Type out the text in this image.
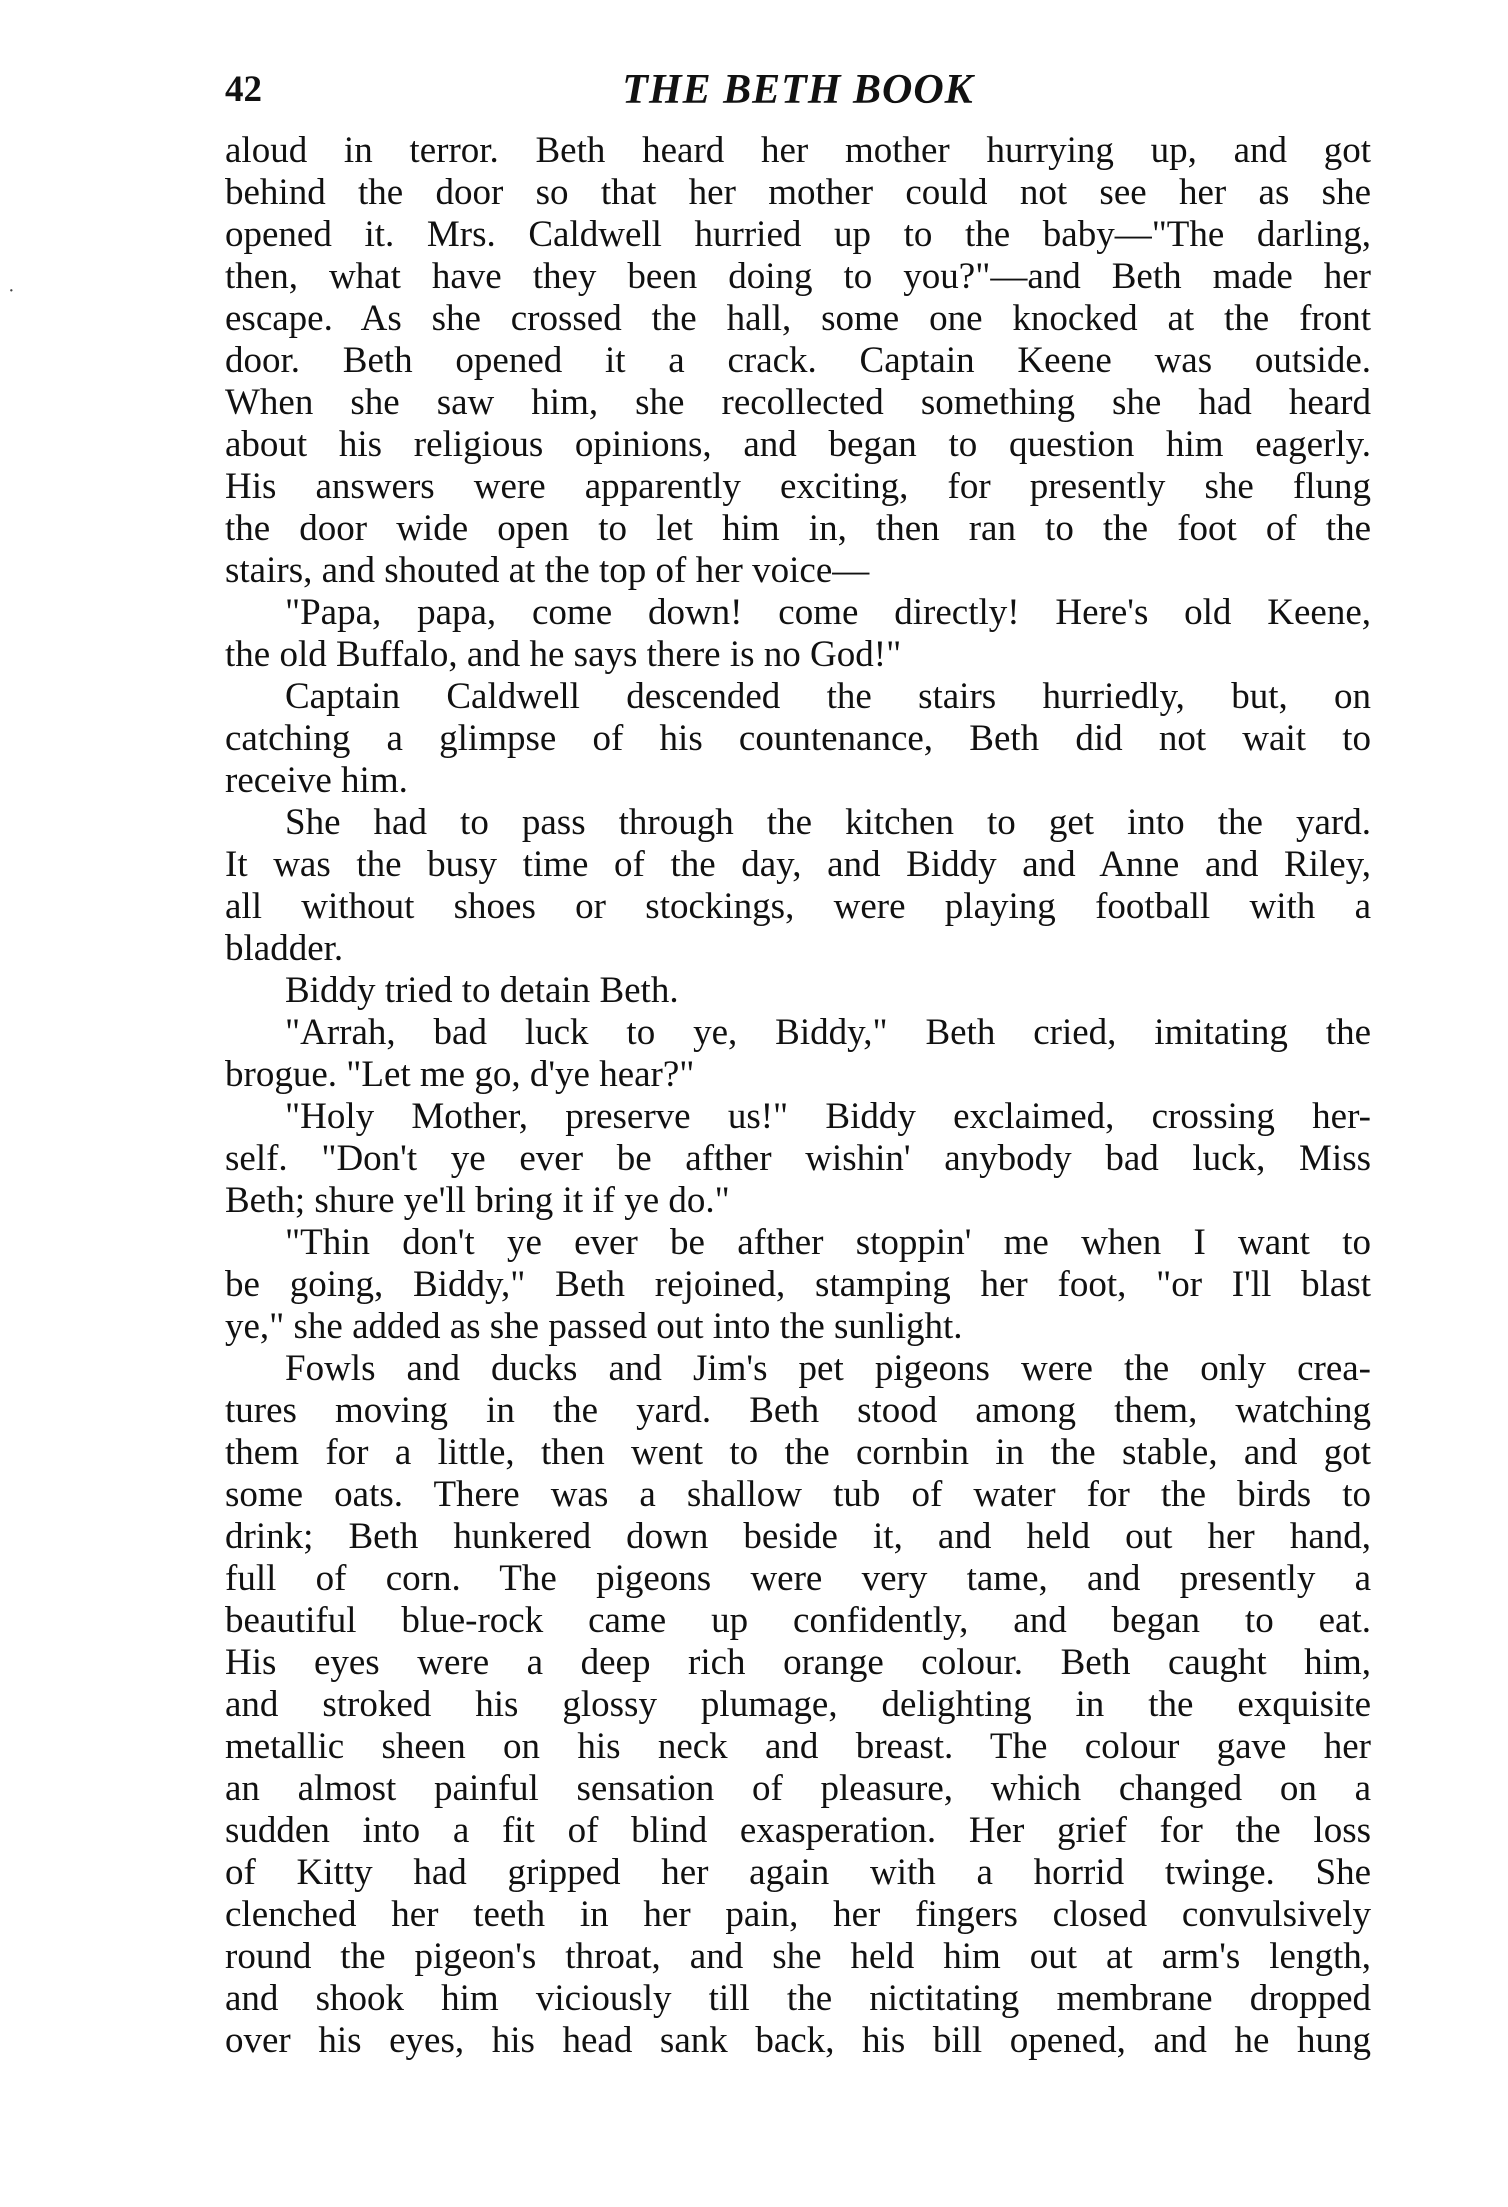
·
42	THE BETH BOOK
aloud in terror. Beth heard her mother hurrying up, and got
behind the door so that her mother could not see her as she
opened it. Mrs. Caldwell hurried up to the baby—"The darling,
then, what have they been doing to you?"—and Beth made her
escape. As she crossed the hall, some one knocked at the front
door. Beth opened it a crack. Captain Keene was outside.
When she saw him, she recollected something she had heard
about his religious opinions, and began to question him eagerly.
His answers were apparently exciting, for presently she flung
the door wide open to let him in, then ran to the foot of the
stairs, and shouted at the top of her voice—
"Papa, papa, come down! come directly! Here's old Keene,
the old Buffalo, and he says there is no God!"
Captain Caldwell descended the stairs hurriedly, but, on
catching a glimpse of his countenance, Beth did not wait to
receive him.
She had to pass through the kitchen to get into the yard.
It was the busy time of the day, and Biddy and Anne and Riley,
all without shoes or stockings, were playing football with a
bladder.
Biddy tried to detain Beth.
"Arrah, bad luck to ye, Biddy," Beth cried, imitating the
brogue. "Let me go, d'ye hear?"
"Holy Mother, preserve us!" Biddy exclaimed, crossing her-
self. "Don't ye ever be afther wishin' anybody bad luck, Miss
Beth; shure ye'll bring it if ye do."
"Thin don't ye ever be afther stoppin' me when I want to
be going, Biddy," Beth rejoined, stamping her foot, "or I'll blast
ye," she added as she passed out into the sunlight.
Fowls and ducks and Jim's pet pigeons were the only crea-
tures moving in the yard. Beth stood among them, watching
them for a little, then went to the cornbin in the stable, and got
some oats. There was a shallow tub of water for the birds to
drink; Beth hunkered down beside it, and held out her hand,
full of corn. The pigeons were very tame, and presently a
beautiful blue-rock came up confidently, and began to eat.
His eyes were a deep rich orange colour. Beth caught him,
and stroked his glossy plumage, delighting in the exquisite
metallic sheen on his neck and breast. The colour gave her
an almost painful sensation of pleasure, which changed on a
sudden into a fit of blind exasperation. Her grief for the loss
of Kitty had gripped her again with a horrid twinge. She
clenched her teeth in her pain, her fingers closed convulsively
round the pigeon's throat, and she held him out at arm's length,
and shook him viciously till the nictitating membrane dropped
over his eyes, his head sank back, his bill opened, and he hung
